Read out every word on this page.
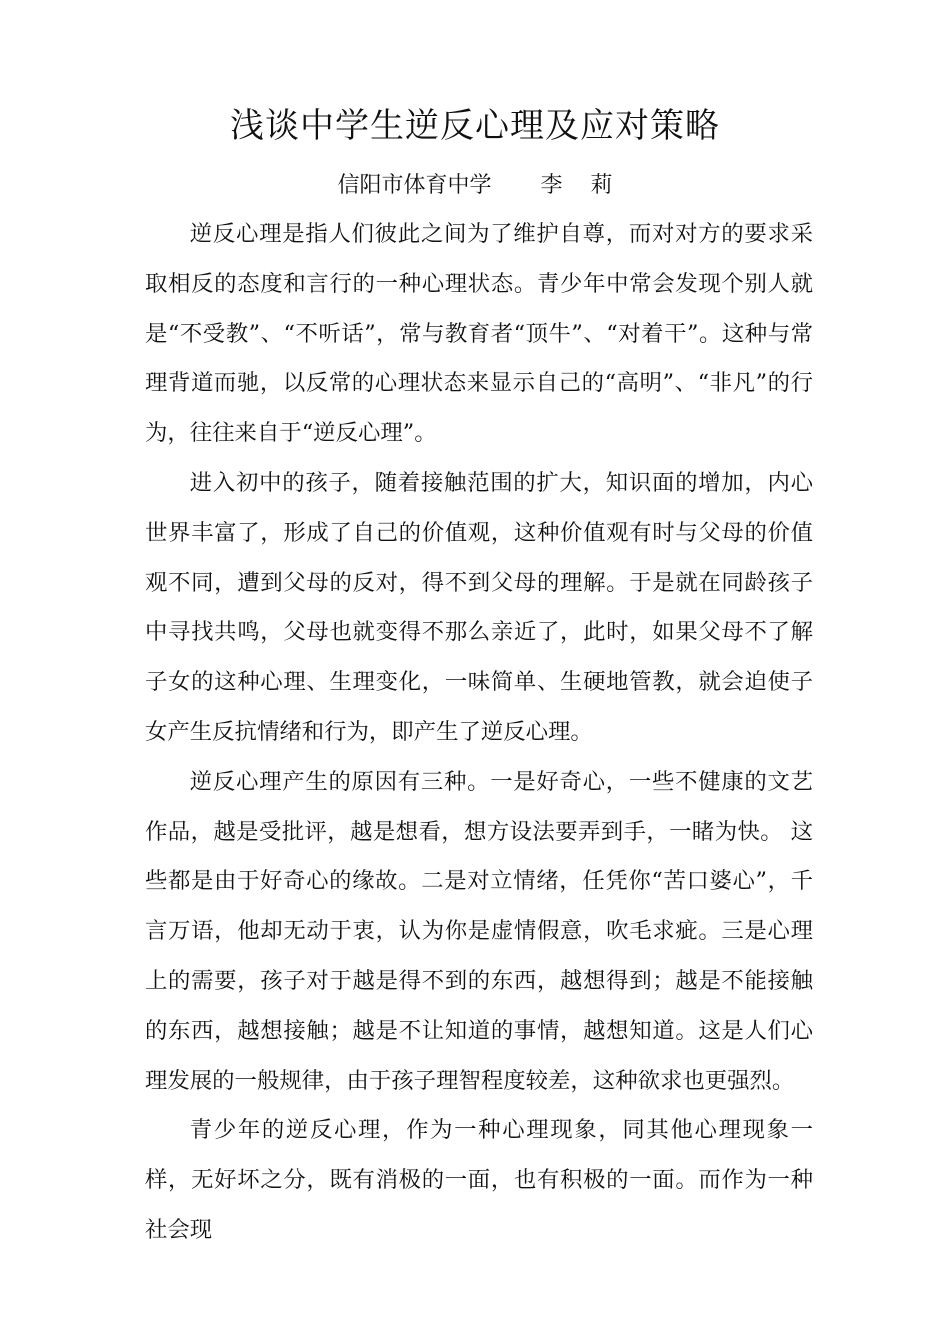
浅谈中学生逆反心理及应对策略

信阳市体育中学       李    莉

逆反心理是指人们彼此之间为了维护自尊，而对对方的要求采取相反的态度和言行的一种心理状态。青少年中常会发现个别人就是“不受教”、“不听话”，常与教育者“顶牛”、“对着干”。这种与常理背道而驰，以反常的心理状态来显示自己的“高明”、“非凡”的行为，往往来自于“逆反心理”。

进入初中的孩子，随着接触范围的扩大，知识面的增加，内心世界丰富了，形成了自己的价值观，这种价值观有时与父母的价值观不同，遭到父母的反对，得不到父母的理解。于是就在同龄孩子中寻找共鸣，父母也就变得不那么亲近了，此时，如果父母不了解子女的这种心理、生理变化，一味简单、生硬地管教，就会迫使子女产生反抗情绪和行为，即产生了逆反心理。

逆反心理产生的原因有三种。一是好奇心，一些不健康的文艺作品，越是受批评，越是想看，想方设法要弄到手，一睹为快。 这些都是由于好奇心的缘故。二是对立情绪，任凭你“苦口婆心”，千言万语，他却无动于衷，认为你是虚情假意，吹毛求疵。三是心理上的需要，孩子对于越是得不到的东西，越想得到；越是不能接触的东西，越想接触；越是不让知道的事情，越想知道。这是人们心理发展的一般规律，由于孩子理智程度较差，这种欲求也更强烈。

青少年的逆反心理，作为一种心理现象，同其他心理现象一样，无好坏之分，既有消极的一面，也有积极的一面。而作为一种社会现
